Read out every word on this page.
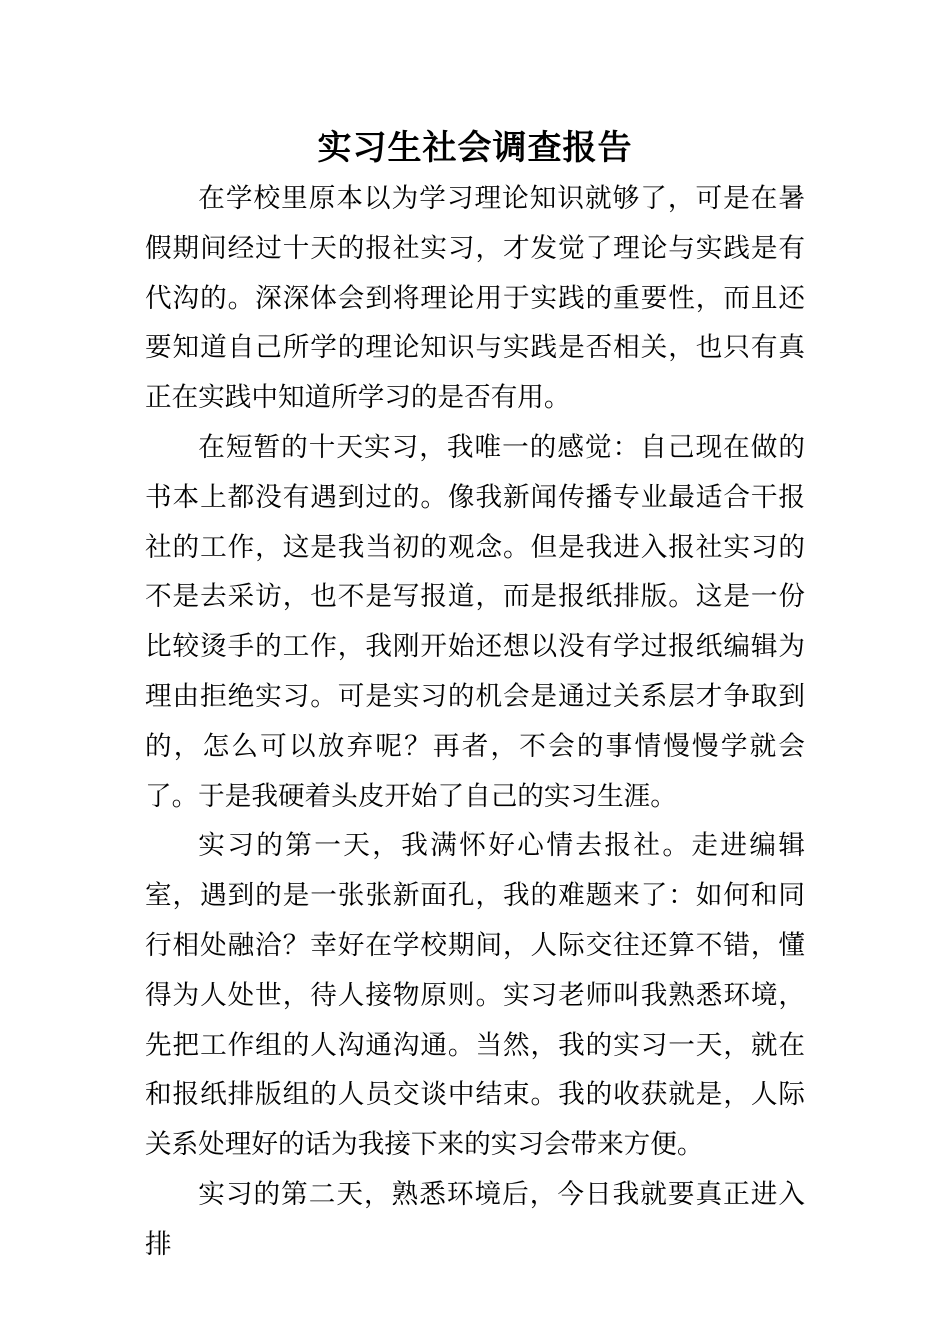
实习生社会调查报告

在学校里原本以为学习理论知识就够了，可是在暑假期间经过十天的报社实习，才发觉了理论与实践是有代沟的。深深体会到将理论用于实践的重要性，而且还要知道自己所学的理论知识与实践是否相关，也只有真正在实践中知道所学习的是否有用。

在短暂的十天实习，我唯一的感觉：自己现在做的书本上都没有遇到过的。像我新闻传播专业最适合干报社的工作，这是我当初的观念。但是我进入报社实习的不是去采访，也不是写报道，而是报纸排版。这是一份比较烫手的工作，我刚开始还想以没有学过报纸编辑为理由拒绝实习。可是实习的机会是通过关系层才争取到的，怎么可以放弃呢？再者，不会的事情慢慢学就会了。于是我硬着头皮开始了自己的实习生涯。

实习的第一天，我满怀好心情去报社。走进编辑室，遇到的是一张张新面孔，我的难题来了：如何和同行相处融洽？幸好在学校期间，人际交往还算不错，懂得为人处世，待人接物原则。实习老师叫我熟悉环境，先把工作组的人沟通沟通。当然，我的实习一天，就在和报纸排版组的人员交谈中结束。我的收获就是，人际关系处理好的话为我接下来的实习会带来方便。

实习的第二天，熟悉环境后，今日我就要真正进入排
